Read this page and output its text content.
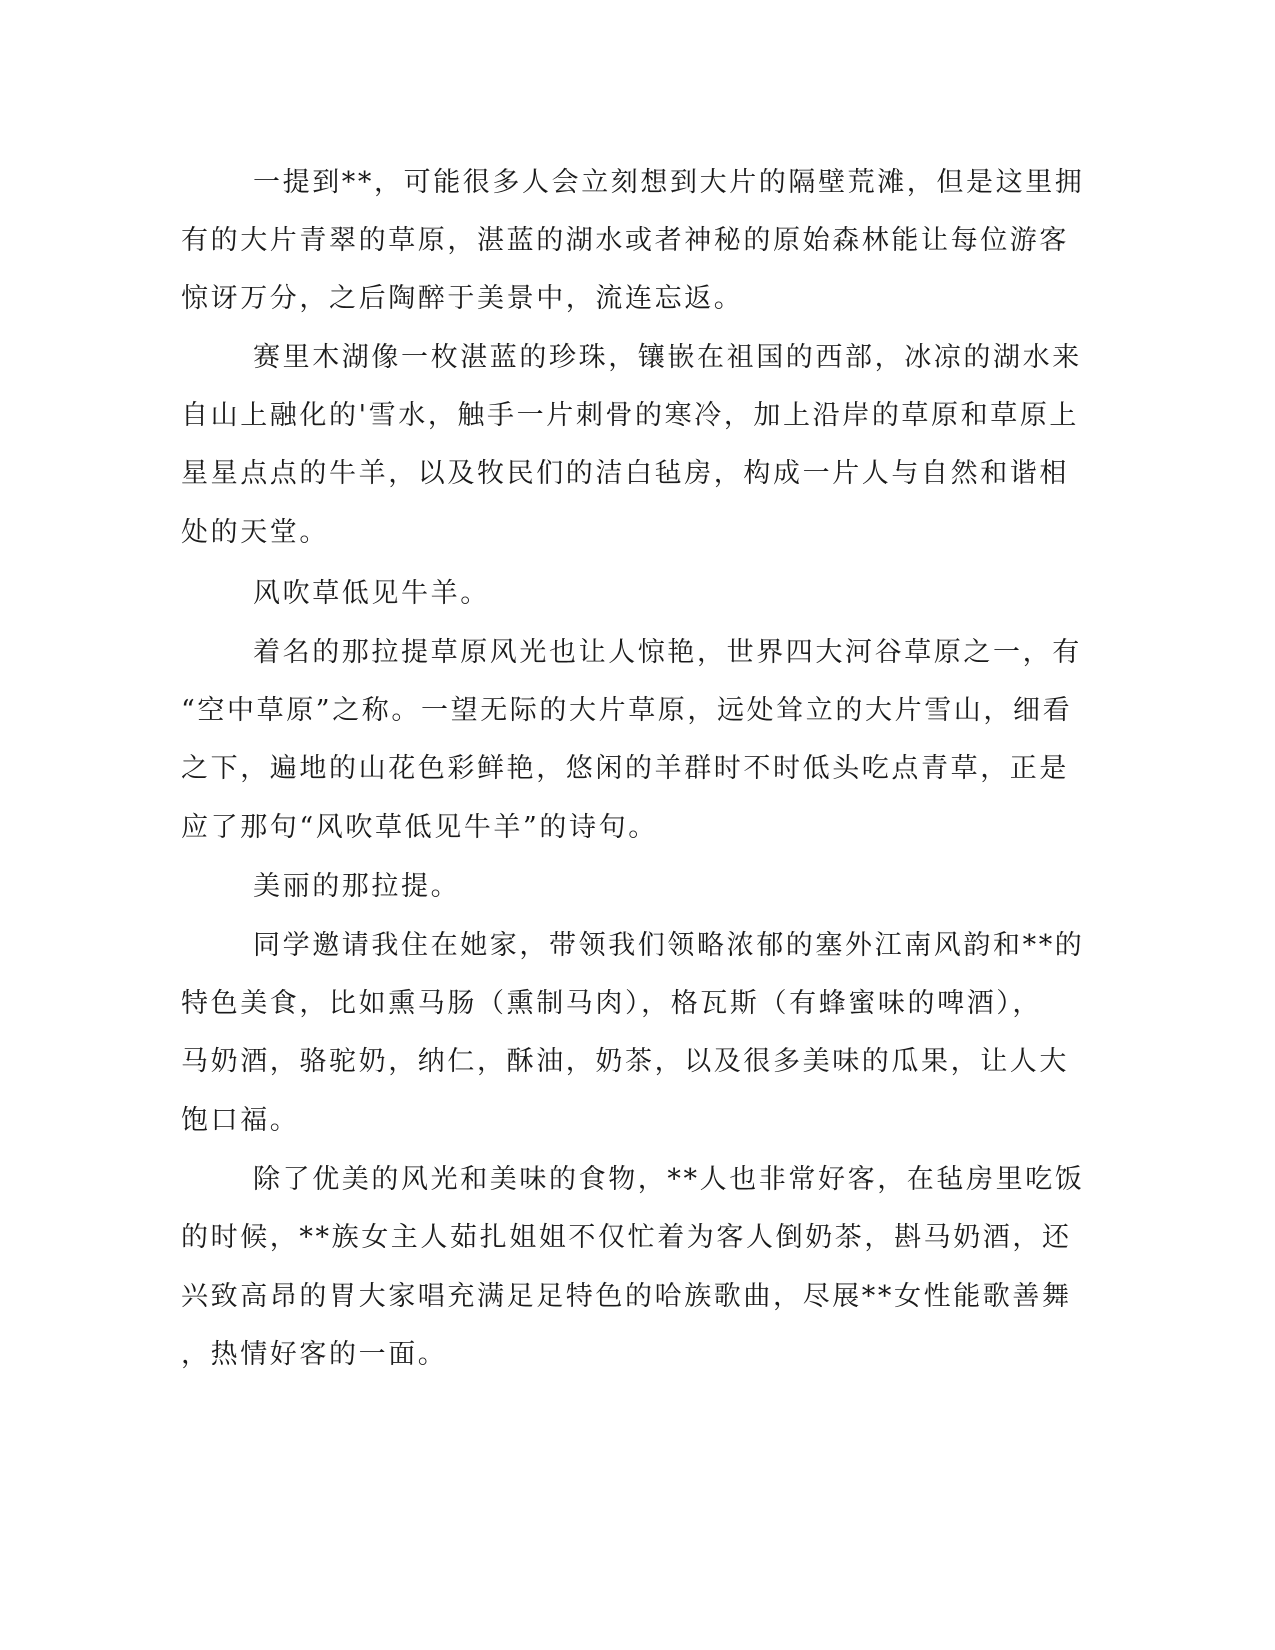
一提到**，可能很多人会立刻想到大片的隔壁荒滩，但是这里拥

有的大片青翠的草原，湛蓝的湖水或者神秘的原始森林能让每位游客

惊讶万分，之后陶醉于美景中，流连忘返。

赛里木湖像一枚湛蓝的珍珠，镶嵌在祖国的西部，冰凉的湖水来

自山上融化的'雪水，触手一片刺骨的寒冷，加上沿岸的草原和草原上

星星点点的牛羊，以及牧民们的洁白毡房，构成一片人与自然和谐相

处的天堂。

风吹草低见牛羊。

着名的那拉提草原风光也让人惊艳，世界四大河谷草原之一，有

“空中草原”之称。一望无际的大片草原，远处耸立的大片雪山，细看

之下，遍地的山花色彩鲜艳，悠闲的羊群时不时低头吃点青草，正是

应了那句“风吹草低见牛羊”的诗句。

美丽的那拉提。

同学邀请我住在她家，带领我们领略浓郁的塞外江南风韵和**的

特色美食，比如熏马肠（熏制马肉），格瓦斯（有蜂蜜味的啤酒），

马奶酒，骆驼奶，纳仁，酥油，奶茶，以及很多美味的瓜果，让人大

饱口福。

除了优美的风光和美味的食物，**人也非常好客，在毡房里吃饭

的时候，**族女主人茹扎姐姐不仅忙着为客人倒奶茶，斟马奶酒，还

兴致高昂的胃大家唱充满足足特色的哈族歌曲，尽展**女性能歌善舞

，热情好客的一面。
